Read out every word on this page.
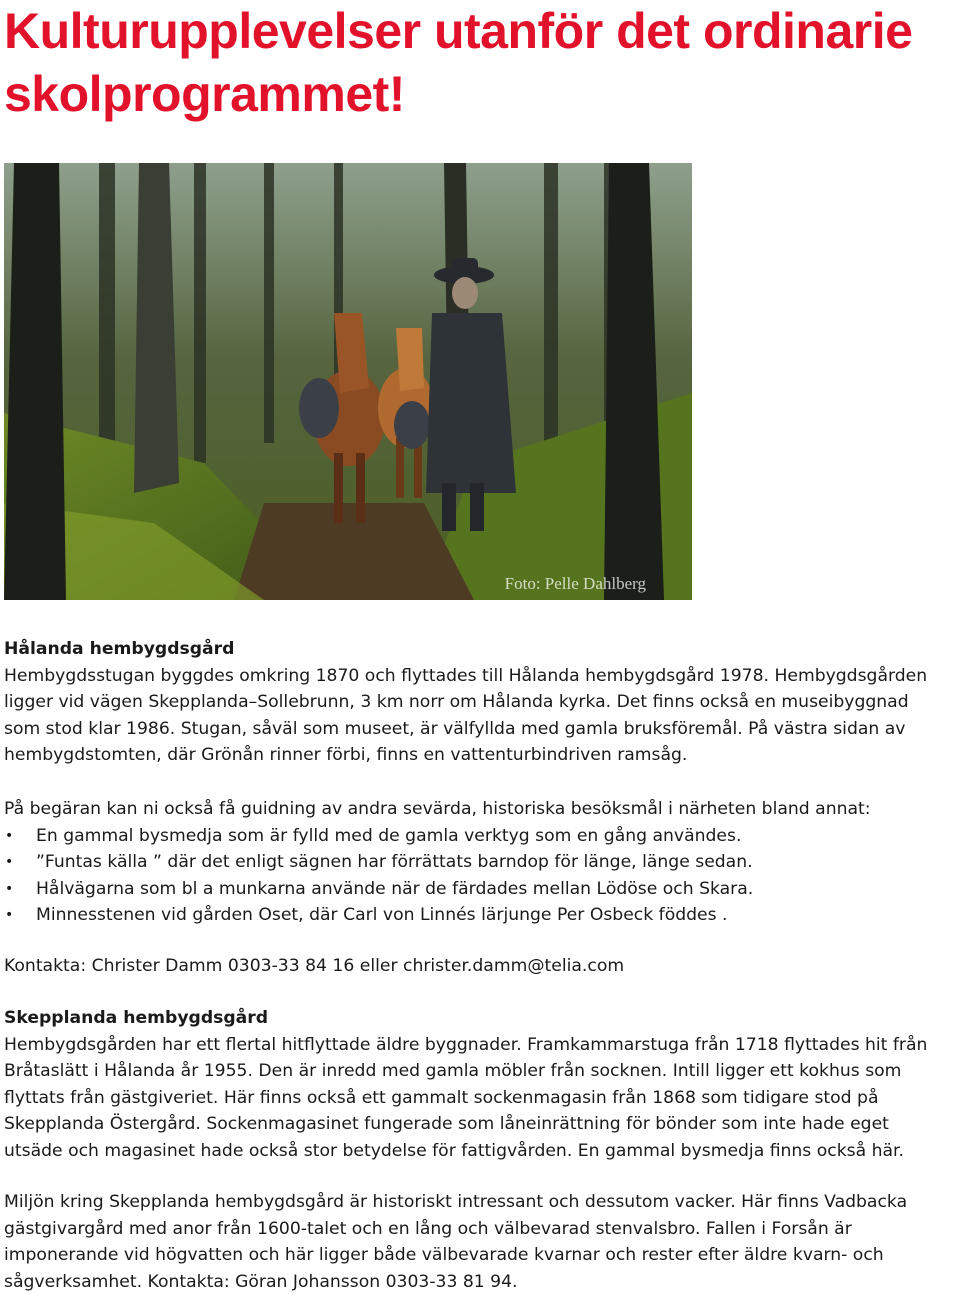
Kulturupplevelser utanför det ordinarie skolprogrammet!
Foto: Pelle Dahlberg

Hålanda hembygdsgård

Hembygdsstugan byggdes omkring 1870 och flyttades till Hålanda hembygdsgård 1978. Hembygdsgården ligger vid vägen Skepplanda–Sollebrunn, 3 km norr om Hålanda kyrka. Det finns också en museibyggnad som stod klar 1986. Stugan, såväl som museet, är välfyllda med gamla bruksföremål. På västra sidan av hembygdstomten, där Grönån rinner förbi, finns en vattenturbindriven ramsåg.

På begäran kan ni också få guidning av andra sevärda, historiska besöksmål i närheten bland annat:

• En gammal bysmedja som är fylld med de gamla verktyg som en gång användes.
• ”Funtas källa ” där det enligt sägnen har förrättats barndop för länge, länge sedan.
• Hålvägarna som bl a munkarna använde när de färdades mellan Lödöse och Skara.
• Minnesstenen vid gården Oset, där Carl von Linnés lärjunge Per Osbeck föddes .

Kontakta: Christer Damm 0303-33 84 16 eller christer.damm@telia.com

Skepplanda hembygdsgård

Hembygdsgården har ett flertal hitflyttade äldre byggnader. Framkammarstuga från 1718 flyttades hit från Bråtaslätt i Hålanda år 1955. Den är inredd med gamla möbler från socknen. Intill ligger ett kokhus som flyttats från gästgiveriet. Här finns också ett gammalt sockenmagasin från 1868 som tidigare stod på Skepplanda Östergård. Sockenmagasinet fungerade som låneinrättning för bönder som inte hade eget utsäde och magasinet hade också stor betydelse för fattigvården. En gammal bysmedja finns också här.

Miljön kring Skepplanda hembygdsgård är historiskt intressant och dessutom vacker. Här finns Vadbacka gästgivargård med anor från 1600-talet och en lång och välbevarad stenvalsbro. Fallen i Forsån är imponerande vid högvatten och här ligger både välbevarade kvarnar och rester efter äldre kvarn- och sågverksamhet. Kontakta: Göran Johansson 0303-33 81 94.
